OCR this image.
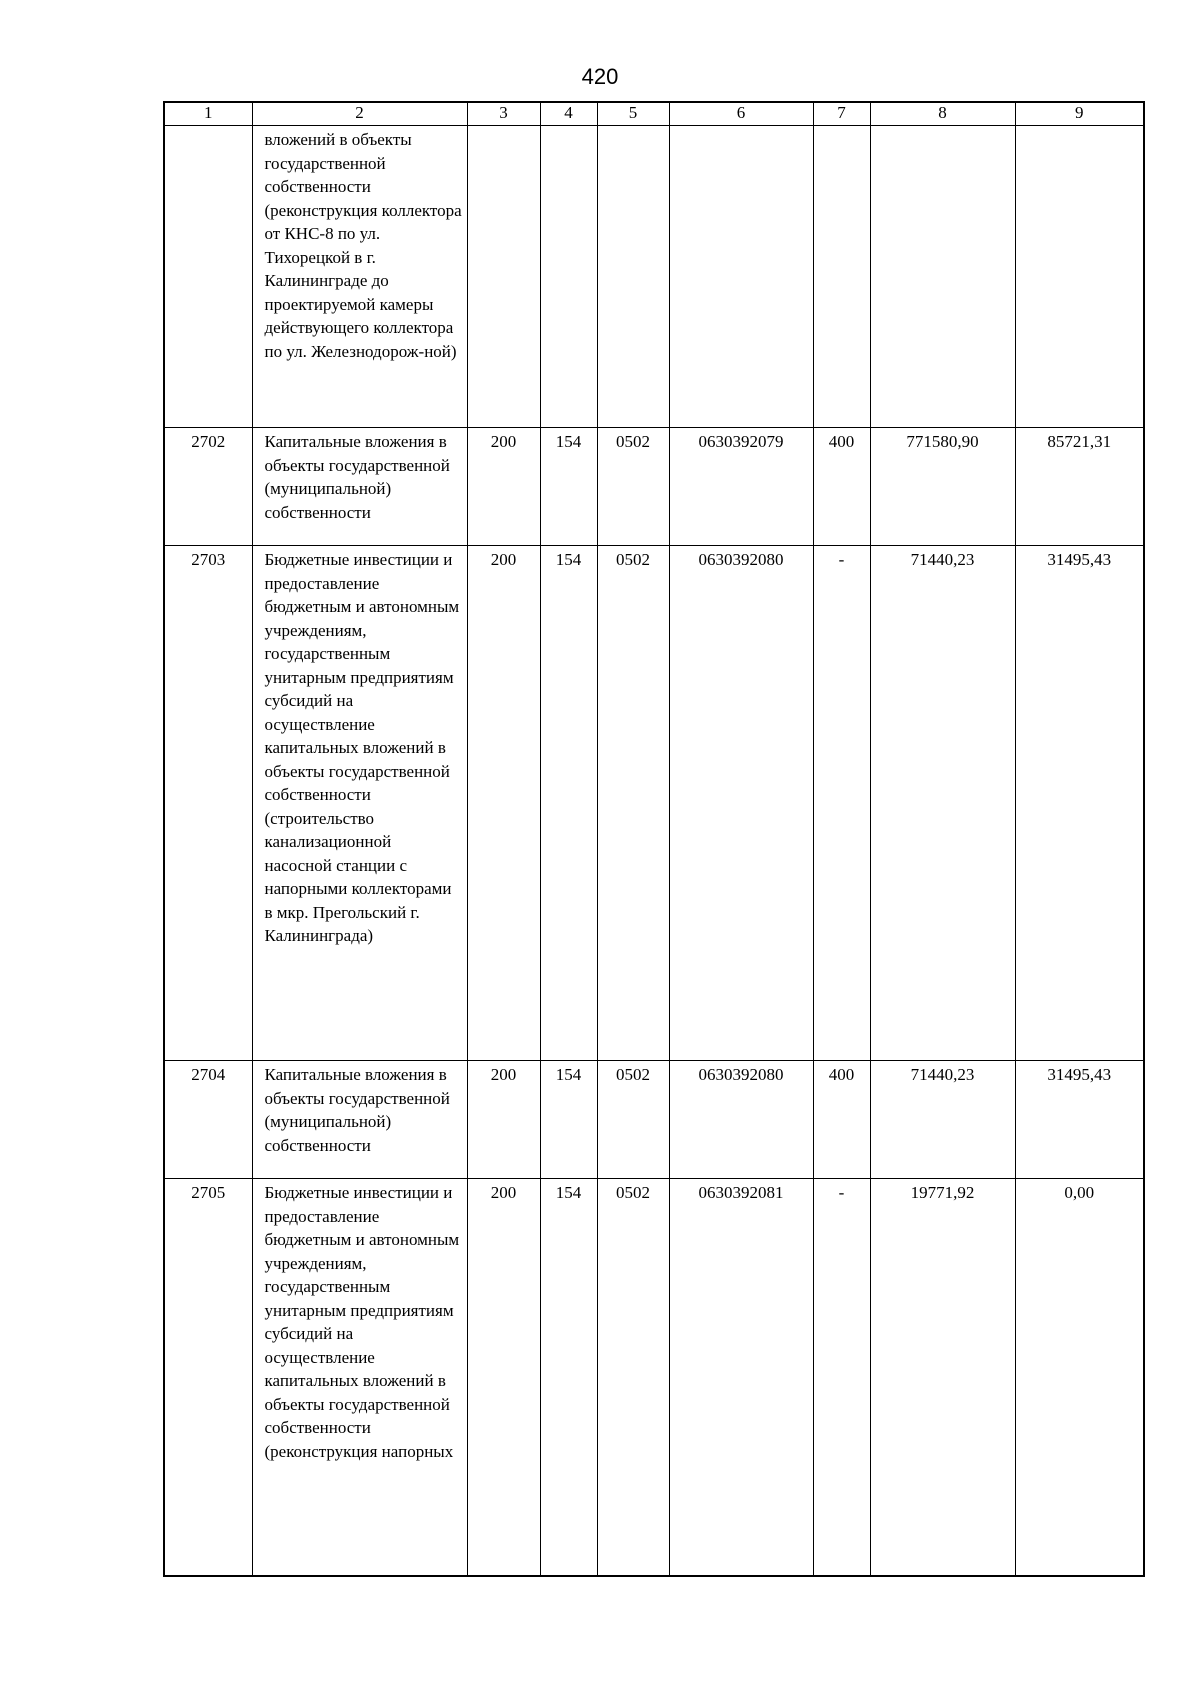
420
1	2	3	4	5	6	7	8	9
	вложений в объекты государственной собственности (реконструкция коллектора от КНС-8 по ул. Тихорецкой в г. Калининграде до проектируемой камеры действующего коллектора по ул. Железнодорож-ной)							
2702	Капитальные вложения в объекты государственной (муниципальной) собственности	200	154	0502	0630392079	400	771580,90	85721,31
2703	Бюджетные инвестиции и предоставление бюджетным и автономным учреждениям, государственным унитарным предприятиям субсидий на осуществление капитальных вложений в объекты государственной собственности (строительство канализационной насосной станции с напорными коллекторами в мкр. Прегольский г. Калининграда)	200	154	0502	0630392080	-	71440,23	31495,43
2704	Капитальные вложения в объекты государственной (муниципальной) собственности	200	154	0502	0630392080	400	71440,23	31495,43
2705	Бюджетные инвестиции и предоставление бюджетным и автономным учреждениям, государственным унитарным предприятиям субсидий на осуществление капитальных вложений в объекты государственной собственности (реконструкция напорных	200	154	0502	0630392081	-	19771,92	0,00
